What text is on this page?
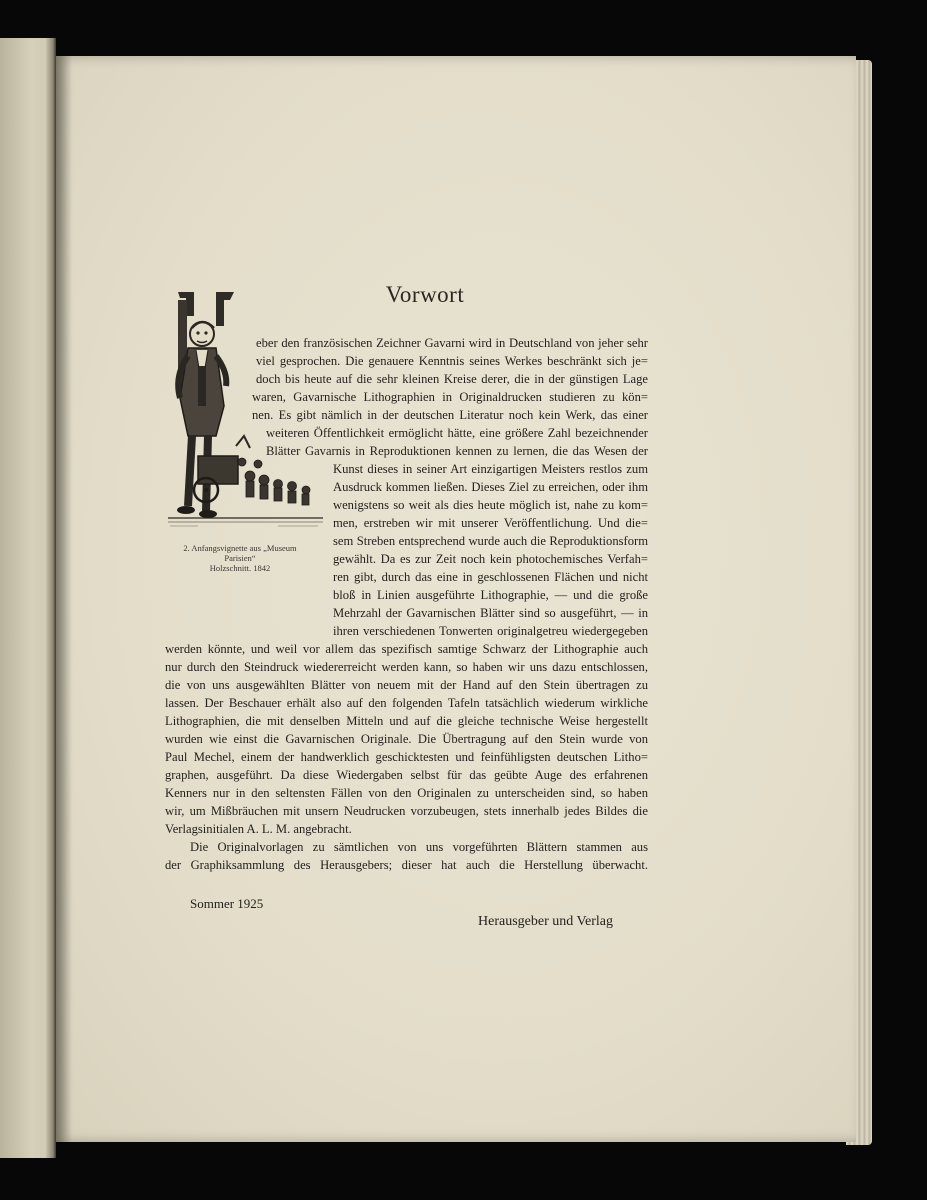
Vorwort
2. Anfangsvignette aus „Museum
Parisien“
Holzschnitt. 1842
eber den französischen Zeichner Gavarni wird in Deutschland von jeher sehr
viel gesprochen. Die genauere Kenntnis seines Werkes beschränkt sich je=
doch bis heute auf die sehr kleinen Kreise derer, die in der günstigen Lage
waren, Gavarnische Lithographien in Originaldrucken studieren zu kön=
nen. Es gibt nämlich in der deutschen Literatur noch kein Werk, das einer
weiteren Öffentlichkeit ermöglicht hätte, eine größere Zahl bezeichnender
Blätter Gavarnis in Reproduktionen kennen zu lernen, die das Wesen der
Kunst dieses in seiner Art einzigartigen Meisters restlos zum
Ausdruck kommen ließen. Dieses Ziel zu erreichen, oder ihm
wenigstens so weit als dies heute möglich ist, nahe zu kom=
men, erstreben wir mit unserer Veröffentlichung. Und die=
sem Streben entsprechend wurde auch die Reproduktionsform
gewählt. Da es zur Zeit noch kein photochemisches Verfah=
ren gibt, durch das eine in geschlossenen Flächen und nicht
bloß in Linien ausgeführte Lithographie, — und die große
Mehrzahl der Gavarnischen Blätter sind so ausgeführt, — in
ihren verschiedenen Tonwerten originalgetreu wiedergegeben
werden könnte, und weil vor allem das spezifisch samtige Schwarz der Lithographie auch
nur durch den Steindruck wiedererreicht werden kann, so haben wir uns dazu entschlossen,
die von uns ausgewählten Blätter von neuem mit der Hand auf den Stein übertragen zu
lassen. Der Beschauer erhält also auf den folgenden Tafeln tatsächlich wiederum wirkliche
Lithographien, die mit denselben Mitteln und auf die gleiche technische Weise hergestellt
wurden wie einst die Gavarnischen Originale. Die Übertragung auf den Stein wurde von
Paul Mechel, einem der handwerklich geschicktesten und feinfühligsten deutschen Litho=
graphen, ausgeführt. Da diese Wiedergaben selbst für das geübte Auge des erfahrenen
Kenners nur in den seltensten Fällen von den Originalen zu unterscheiden sind, so haben
wir, um Mißbräuchen mit unsern Neudrucken vorzubeugen, stets innerhalb jedes Bildes die
Verlagsinitialen A. L. M. angebracht.
Die Originalvorlagen zu sämtlichen von uns vorgeführten Blättern stammen aus
der Graphiksammlung des Herausgebers; dieser hat auch die Herstellung überwacht.
Sommer 1925
Herausgeber und Verlag
